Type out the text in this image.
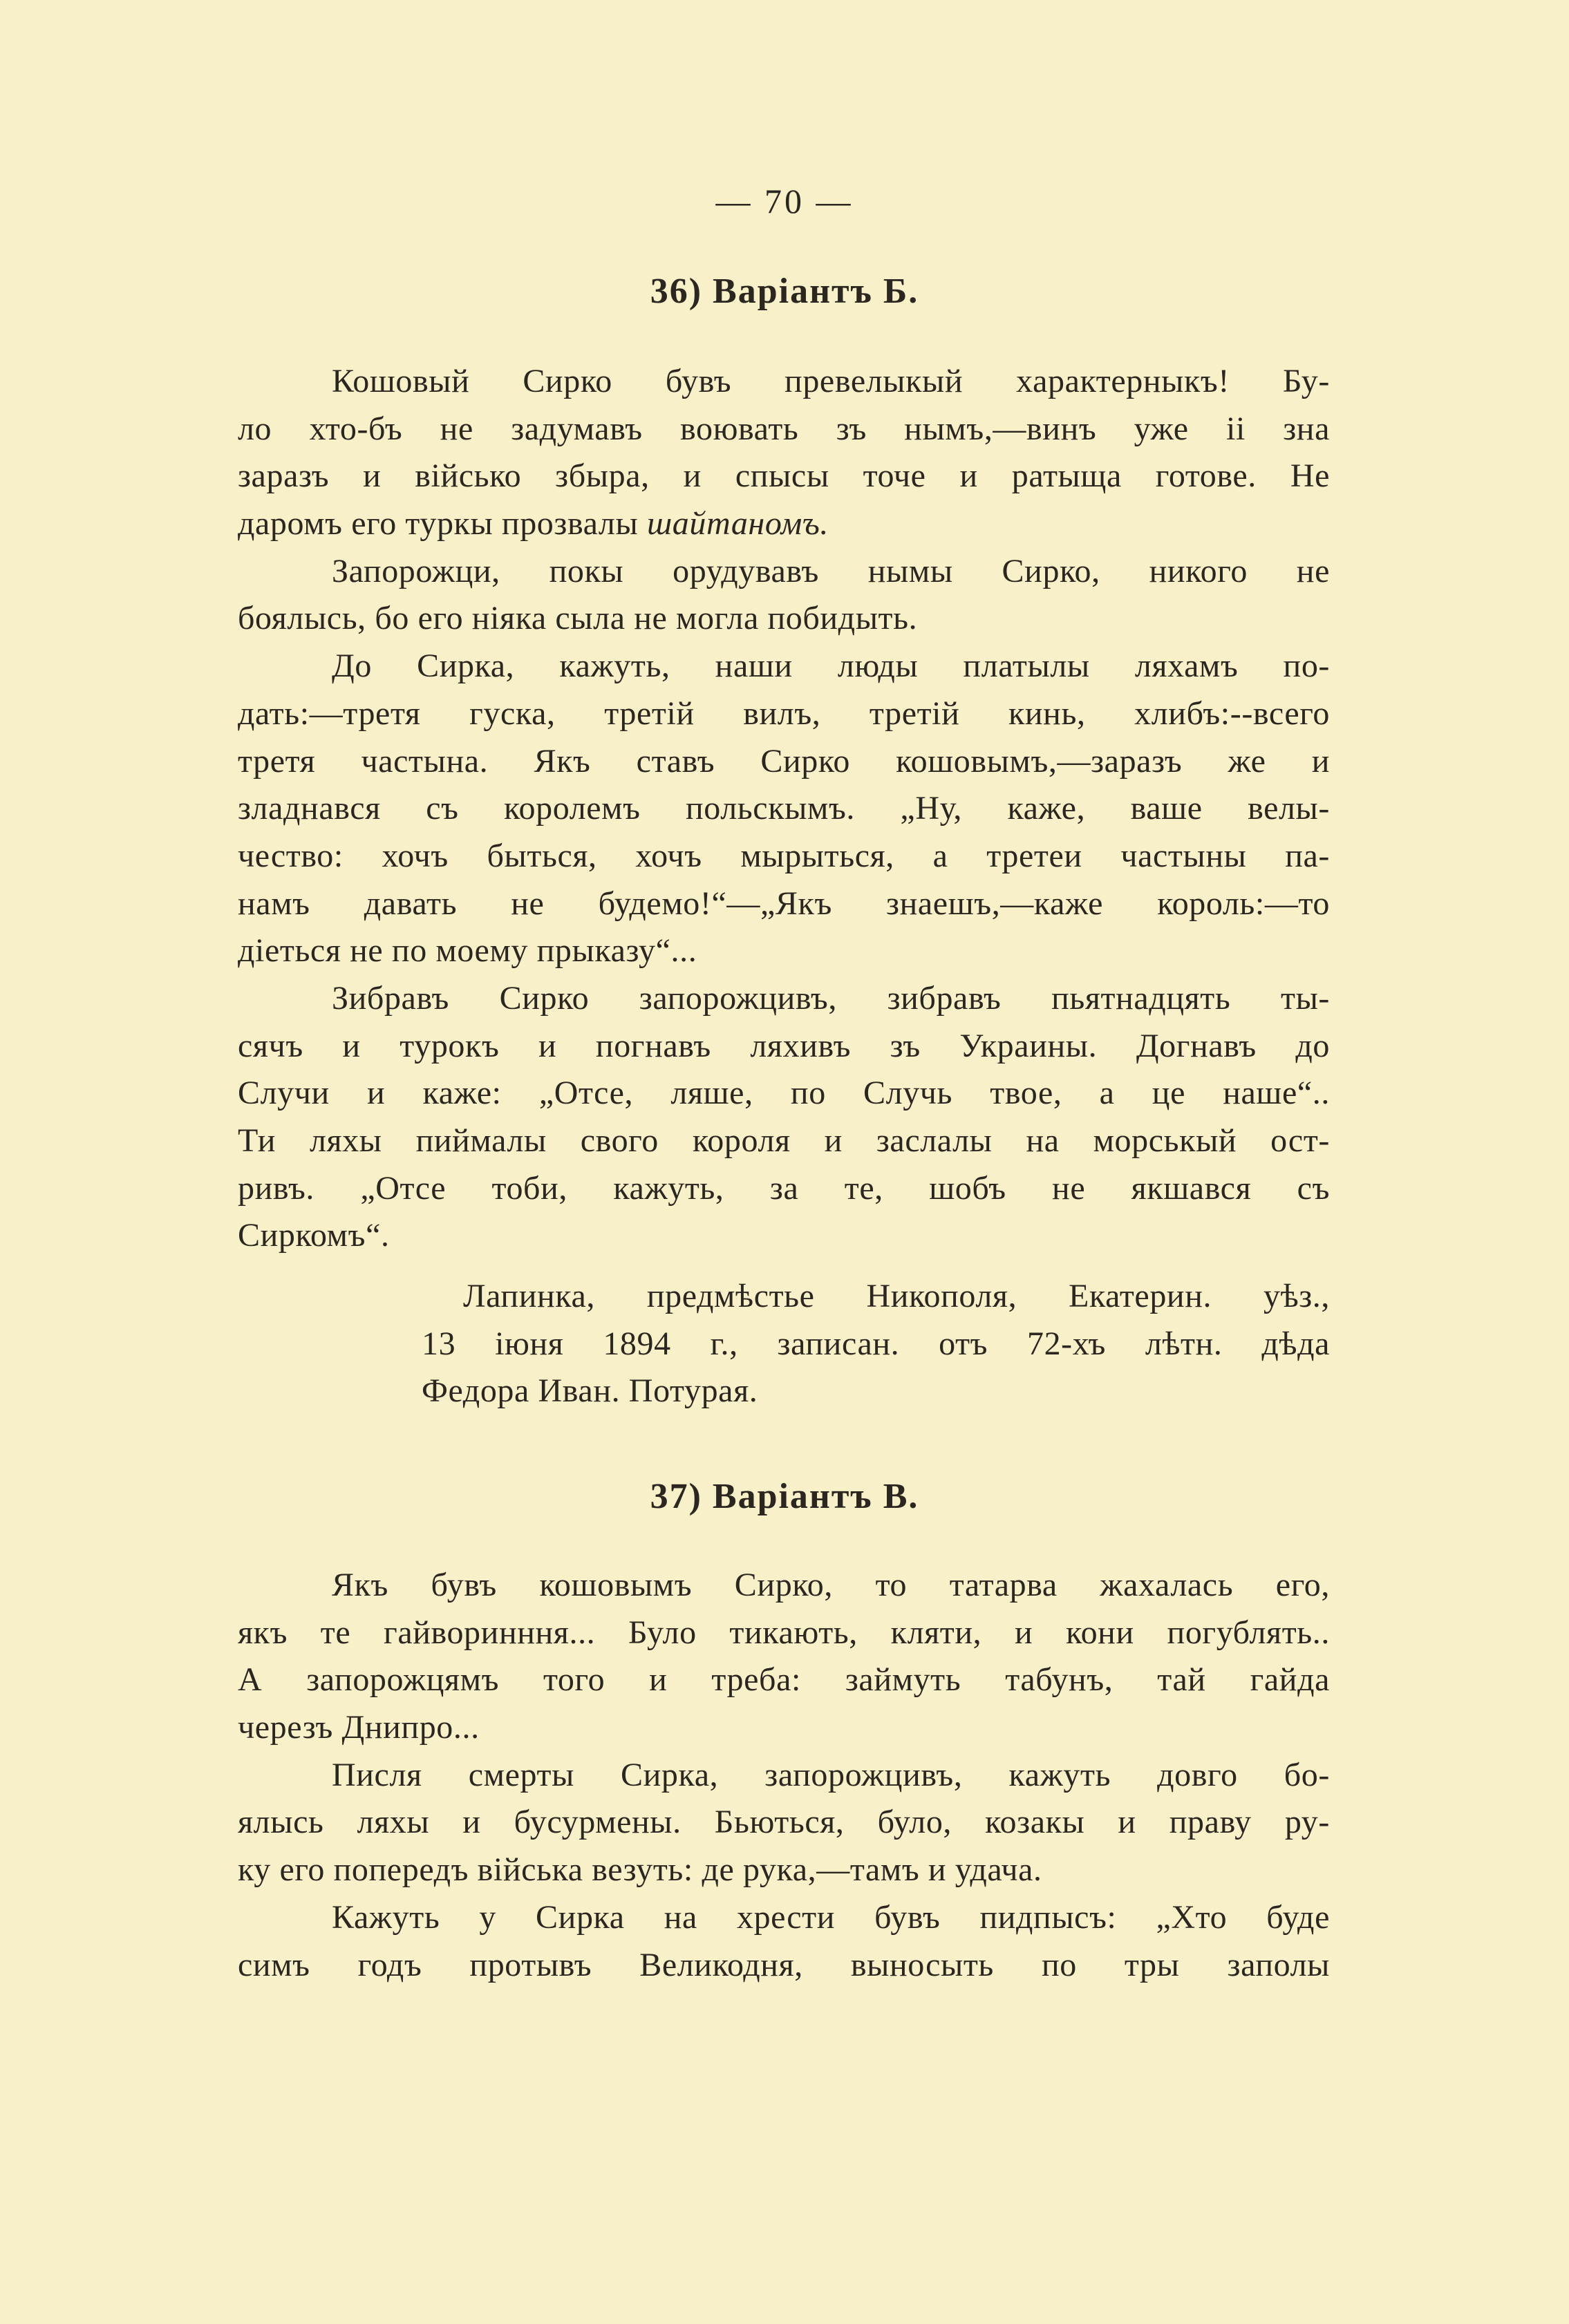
— 70 —
36) Варіантъ Б.
Кошовый Сирко бувъ превелыкый характерныкъ! Бу-
ло хто-бъ не задумавъ воювать зъ нымъ,—винъ уже іі зна
заразъ и військо збыра, и спысы точе и ратыща готове. Не
даромъ его туркы прозвалы шайтаномъ.
Запорожци, покы орудувавъ нымы Сирко, никого не
боялысь, бо его ніяка сыла не могла побидыть.
До Сирка, кажуть, наши люды платылы ляхамъ по-
дать:—третя гуска, третій вилъ, третій кинь, хлибъ:--всего
третя частына. Якъ ставъ Сирко кошовымъ,—заразъ же и
зладнався съ королемъ польскымъ. „Ну, каже, ваше велы-
чество: хочъ быться, хочъ мырыться, а третеи частыны па-
намъ давать не будемо!“—„Якъ знаешъ,—каже король:—то
діеться не по моему прыказу“...
Зибравъ Сирко запорожцивъ, зибравъ пьятнадцять ты-
сячъ и турокъ и погнавъ ляхивъ зъ Украины. Догнавъ до
Случи и каже: „Отсе, ляше, по Случь твое, а це наше“..
Ти ляхы пиймалы свого короля и заслалы на морськый ост-
ривъ. „Отсе тоби, кажуть, за те, шобъ не якшався съ
Сиркомъ“.
Лапинка, предмѣстье Никополя, Екатерин. уѣз.,
13 іюня 1894 г., записан. отъ 72-хъ лѣтн. дѣда
Федора Иван. Потурая.
37) Варіантъ В.
Якъ бувъ кошовымъ Сирко, то татарва жахалась его,
якъ те гайворинння... Було тикають, кляти, и кони погублять..
А запорожцямъ того и треба: займуть табунъ, тай гайда
черезъ Днипро...
Писля смерты Сирка, запорожцивъ, кажуть довго бо-
ялысь ляхы и бусурмены. Бьються, було, козакы и праву ру-
ку его попередъ війська везуть: де рука,—тамъ и удача.
Кажуть у Сирка на хрести бувъ пидпысъ: „Хто буде
симъ годъ протывъ Великодня, выносыть по тры заполы
